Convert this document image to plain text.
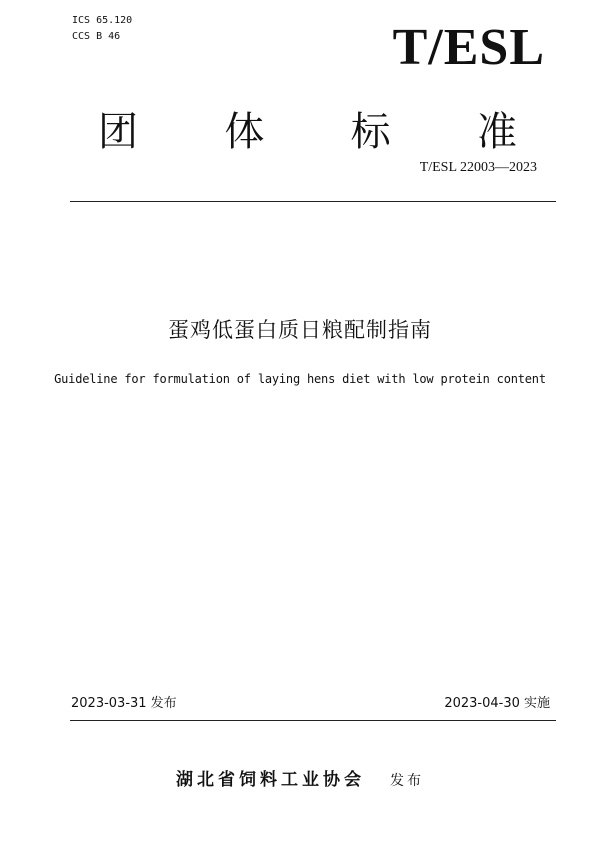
ICS 65.120
CCS B 46	T/ESL
团	体	标	准
T/ESL 22003—2023
蛋鸡低蛋白质日粮配制指南
Guideline for formulation of laying hens diet with low protein content
2023-03-31 发布	2023-04-30 实施
湖北省饲料工业协会 发布
